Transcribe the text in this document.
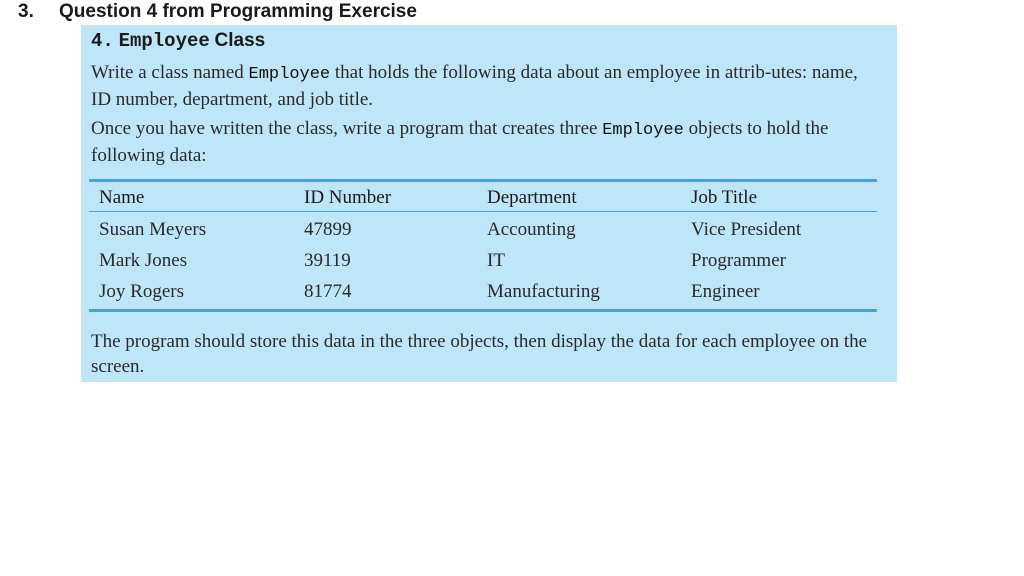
3. Question 4 from Programming Exercise
4. Employee Class
Write a class named Employee that holds the following data about an employee in attrib-utes: name, ID number, department, and job title.
Once you have written the class, write a program that creates three Employee objects to hold the following data:
Name	ID Number	Department	Job Title
Susan Meyers	47899	Accounting	Vice President
Mark Jones	39119	IT	Programmer
Joy Rogers	81774	Manufacturing	Engineer
The program should store this data in the three objects, then display the data for each employee on the screen.
